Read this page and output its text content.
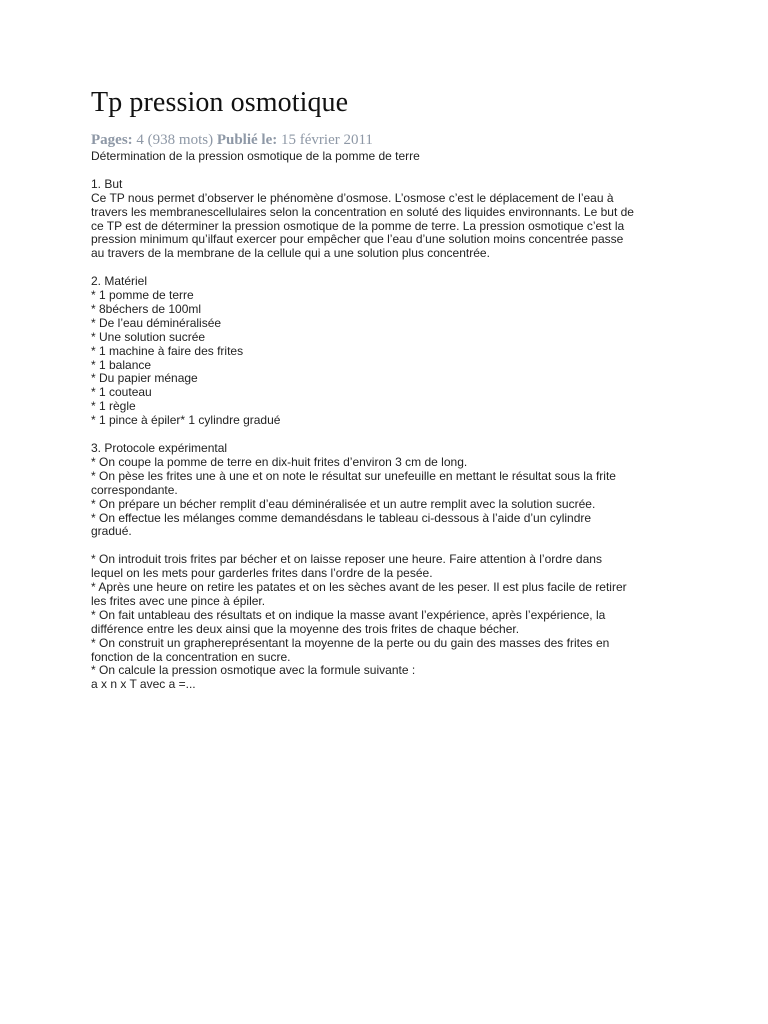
Tp pression osmotique
Pages: 4 (938 mots) Publié le: 15 février 2011
Détermination de la pression osmotique de la pomme de terre
1. But
Ce TP nous permet d’observer le phénomène d’osmose. L’osmose c’est le déplacement de l’eau à
travers les membranescellulaires selon la concentration en soluté des liquides environnants. Le but de
ce TP est de déterminer la pression osmotique de la pomme de terre. La pression osmotique c’est la
pression minimum qu’ilfaut exercer pour empêcher que l’eau d’une solution moins concentrée passe
au travers de la membrane de la cellule qui a une solution plus concentrée.
2. Matériel
* 1 pomme de terre
* 8béchers de 100ml
* De l’eau déminéralisée
* Une solution sucrée
* 1 machine à faire des frites
* 1 balance
* Du papier ménage
* 1 couteau
* 1 règle
* 1 pince à épiler* 1 cylindre gradué
3. Protocole expérimental
* On coupe la pomme de terre en dix-huit frites d’environ 3 cm de long.
* On pèse les frites une à une et on note le résultat sur unefeuille en mettant le résultat sous la frite
correspondante.
* On prépare un bécher remplit d’eau déminéralisée et un autre remplit avec la solution sucrée.
* On effectue les mélanges comme demandésdans le tableau ci-dessous à l’aide d’un cylindre
gradué.
* On introduit trois frites par bécher et on laisse reposer une heure. Faire attention à l’ordre dans
lequel on les mets pour garderles frites dans l’ordre de la pesée.
* Après une heure on retire les patates et on les sèches avant de les peser. Il est plus facile de retirer
les frites avec une pince à épiler.
* On fait untableau des résultats et on indique la masse avant l’expérience, après l’expérience, la
différence entre les deux ainsi que la moyenne des trois frites de chaque bécher.
* On construit un graphereprésentant la moyenne de la perte ou du gain des masses des frites en
fonction de la concentration en sucre.
* On calcule la pression osmotique avec la formule suivante :
a x n x T avec a =...
